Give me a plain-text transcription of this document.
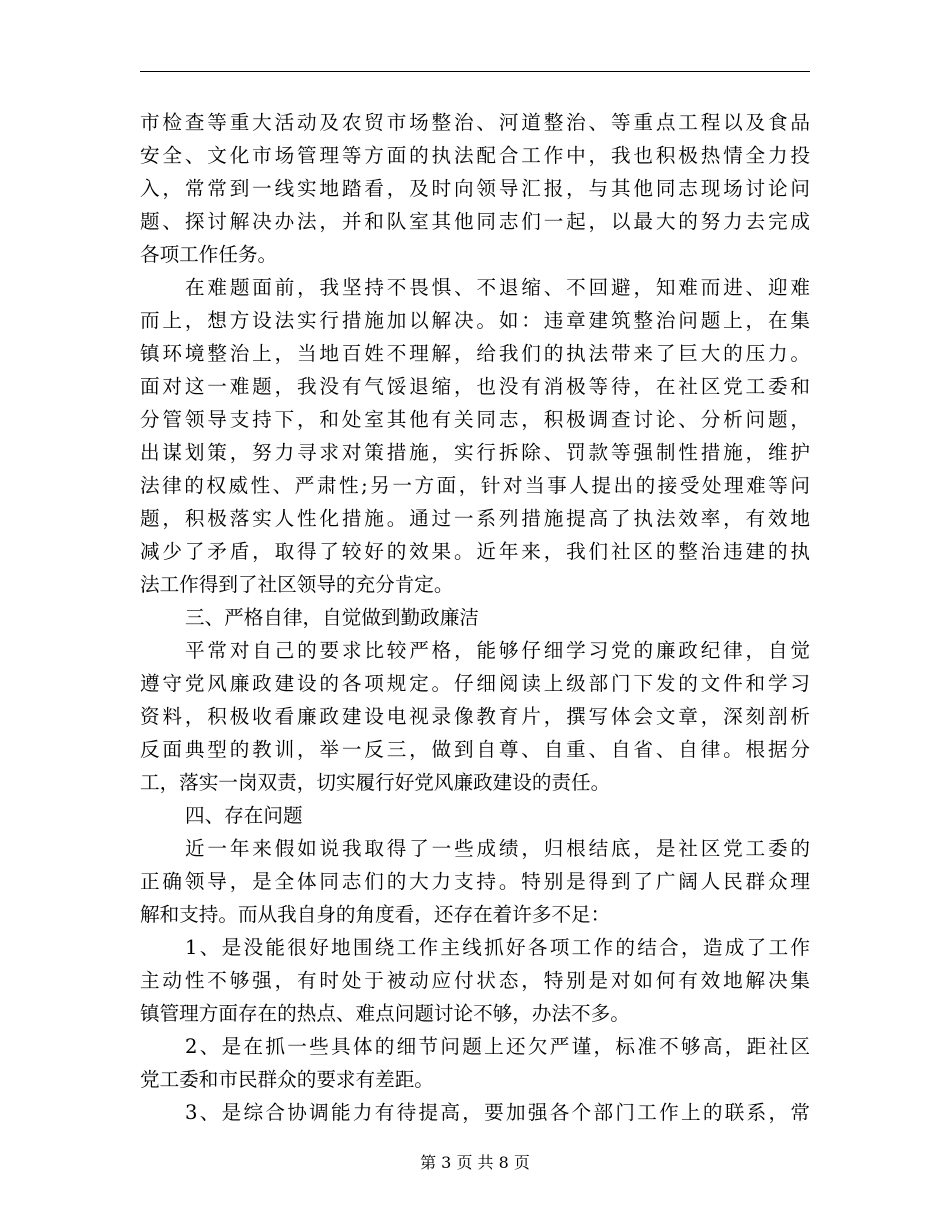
市检查等重大活动及农贸市场整治、河道整治、等重点工程以及食品
安全、文化市场管理等方面的执法配合工作中，我也积极热情全力投
入，常常到一线实地踏看，及时向领导汇报，与其他同志现场讨论问
题、探讨解决办法，并和队室其他同志们一起，以最大的努力去完成
各项工作任务。
在难题面前，我坚持不畏惧、不退缩、不回避，知难而进、迎难
而上，想方设法实行措施加以解决。如：违章建筑整治问题上，在集
镇环境整治上，当地百姓不理解，给我们的执法带来了巨大的压力。
面对这一难题，我没有气馁退缩，也没有消极等待，在社区党工委和
分管领导支持下，和处室其他有关同志，积极调查讨论、分析问题，
出谋划策，努力寻求对策措施，实行拆除、罚款等强制性措施，维护
法律的权威性、严肃性;另一方面，针对当事人提出的接受处理难等问
题，积极落实人性化措施。通过一系列措施提高了执法效率，有效地
减少了矛盾，取得了较好的效果。近年来，我们社区的整治违建的执
法工作得到了社区领导的充分肯定。
三、严格自律，自觉做到勤政廉洁
平常对自己的要求比较严格，能够仔细学习党的廉政纪律，自觉
遵守党风廉政建设的各项规定。仔细阅读上级部门下发的文件和学习
资料，积极收看廉政建设电视录像教育片，撰写体会文章，深刻剖析
反面典型的教训，举一反三，做到自尊、自重、自省、自律。根据分
工，落实一岗双责，切实履行好党风廉政建设的责任。
四、存在问题
近一年来假如说我取得了一些成绩，归根结底，是社区党工委的
正确领导，是全体同志们的大力支持。特别是得到了广阔人民群众理
解和支持。而从我自身的角度看，还存在着许多不足：
1、是没能很好地围绕工作主线抓好各项工作的结合，造成了工作
主动性不够强，有时处于被动应付状态，特别是对如何有效地解决集
镇管理方面存在的热点、难点问题讨论不够，办法不多。
2、是在抓一些具体的细节问题上还欠严谨，标准不够高，距社区
党工委和市民群众的要求有差距。
3、是综合协调能力有待提高，要加强各个部门工作上的联系，常
第 3 页 共 8 页
